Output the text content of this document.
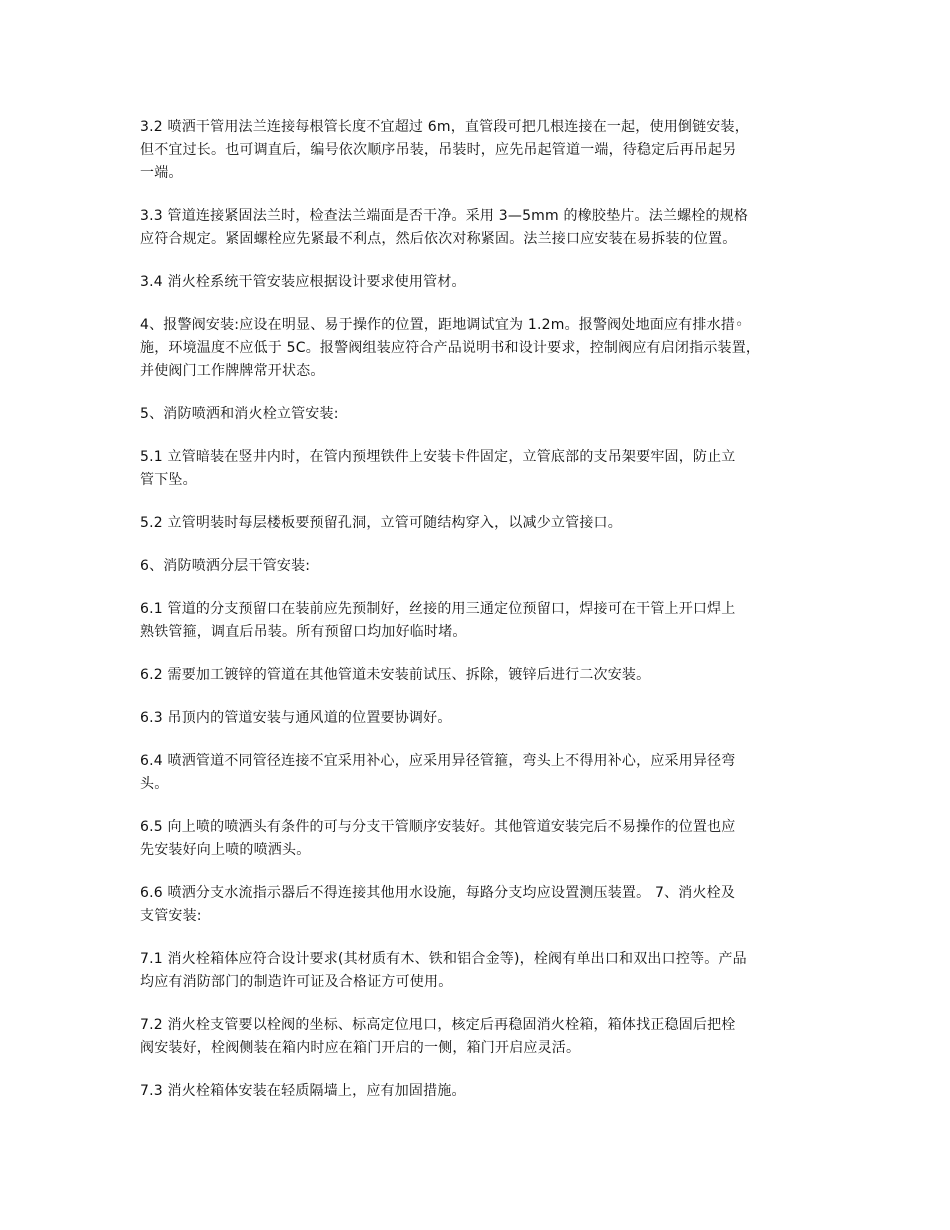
3.2 喷洒干管用法兰连接每根管长度不宜超过 6m，直管段可把几根连接在一起，使用倒链安装，
但不宜过长。也可调直后，编号依次顺序吊装，吊装时，应先吊起管道一端，待稳定后再吊起另
一端。

3.3 管道连接紧固法兰时，检查法兰端面是否干净。采用 3—5mm 的橡胶垫片。法兰螺栓的规格
应符合规定。紧固螺栓应先紧最不利点，然后依次对称紧固。法兰接口应安装在易拆装的位置。

3.4 消火栓系统干管安装应根据设计要求使用管材。

4、报警阀安装:应设在明显、易于操作的位置，距地调试宜为 1.2m。报警阀处地面应有排水措◦
施，环境温度不应低于 5C。报警阀组装应符合产品说明书和设计要求，控制阀应有启闭指示装置，
并使阀门工作牌牌常开状态。

5、消防喷洒和消火栓立管安装:

5.1 立管暗装在竖井内时，在管内预埋铁件上安装卡件固定，立管底部的支吊架要牢固，防止立
管下坠。

5.2 立管明装时每层楼板要预留孔洞，立管可随结构穿入，以减少立管接口。

6、消防喷洒分层干管安装:

6.1 管道的分支预留口在装前应先预制好，丝接的用三通定位预留口，焊接可在干管上开口焊上
熟铁管箍，调直后吊装。所有预留口均加好临时堵。

6.2 需要加工镀锌的管道在其他管道未安装前试压、拆除，镀锌后进行二次安装。

6.3 吊顶内的管道安装与通风道的位置要协调好。

6.4 喷洒管道不同管径连接不宜采用补心，应采用异径管箍，弯头上不得用补心，应采用异径弯
头。

6.5 向上喷的喷洒头有条件的可与分支干管顺序安装好。其他管道安装完后不易操作的位置也应
先安装好向上喷的喷洒头。

6.6 喷洒分支水流指示器后不得连接其他用水设施，每路分支均应设置测压装置。 7、消火栓及
支管安装:

7.1 消火栓箱体应符合设计要求(其材质有木、铁和铝合金等)，栓阀有单出口和双出口控等。产品
均应有消防部门的制造许可证及合格证方可使用。

7.2 消火栓支管要以栓阀的坐标、标高定位甩口，核定后再稳固消火栓箱，箱体找正稳固后把栓
阀安装好，栓阀侧装在箱内时应在箱门开启的一侧，箱门开启应灵活。

7.3 消火栓箱体安装在轻质隔墙上，应有加固措施。
